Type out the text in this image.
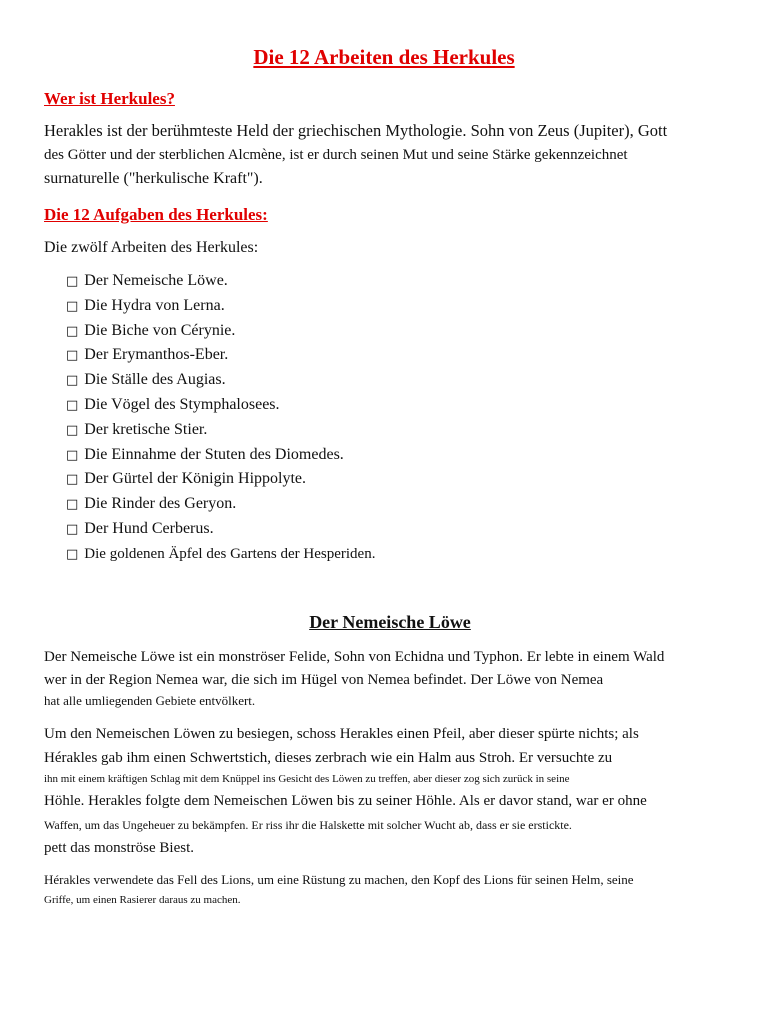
Die 12 Arbeiten des Herkules
Wer ist Herkules?
Herakles ist der berühmteste Held der griechischen Mythologie. Sohn von Zeus (Jupiter), Gott
des Götter und der sterblichen Alcmène, ist er durch seinen Mut und seine Stärke gekennzeichnet
surnaturelle ("herkulische Kraft").
Die 12 Aufgaben des Herkules:
Die zwölf Arbeiten des Herkules:
□ Der Nemeische Löwe.
□ Die Hydra von Lerna.
□ Die Biche von Cérynie.
□ Der Erymanthos-Eber.
□ Die Ställe des Augias.
□ Die Vögel des Stymphalosees.
□ Der kretische Stier.
□ Die Einnahme der Stuten des Diomedes.
□ Der Gürtel der Königin Hippolyte.
□ Die Rinder des Geryon.
□ Der Hund Cerberus.
□ Die goldenen Äpfel des Gartens der Hesperiden.
Der Nemeische Löwe
Der Nemeische Löwe ist ein monströser Felide, Sohn von Echidna und Typhon. Er lebte in einem Wald
wer in der Region Nemea war, die sich im Hügel von Nemea befindet. Der Löwe von Nemea
hat alle umliegenden Gebiete entvölkert.
Um den Nemeischen Löwen zu besiegen, schoss Herakles einen Pfeil, aber dieser spürte nichts; als
Hérakles gab ihm einen Schwertstich, dieses zerbrach wie ein Halm aus Stroh. Er versuchte zu
ihn mit einem kräftigen Schlag mit dem Knüppel ins Gesicht des Löwen zu treffen, aber dieser zog sich zurück in seine
Höhle. Herakles folgte dem Nemeischen Löwen bis zu seiner Höhle. Als er davor stand, war er ohne
Waffen, um das Ungeheuer zu bekämpfen. Er riss ihr die Halskette mit solcher Wucht ab, dass er sie erstickte.
pett das monströse Biest.
Hérakles verwendete das Fell des Lions, um eine Rüstung zu machen, den Kopf des Lions für seinen Helm, seine
Griffe, um einen Rasierer daraus zu machen.
